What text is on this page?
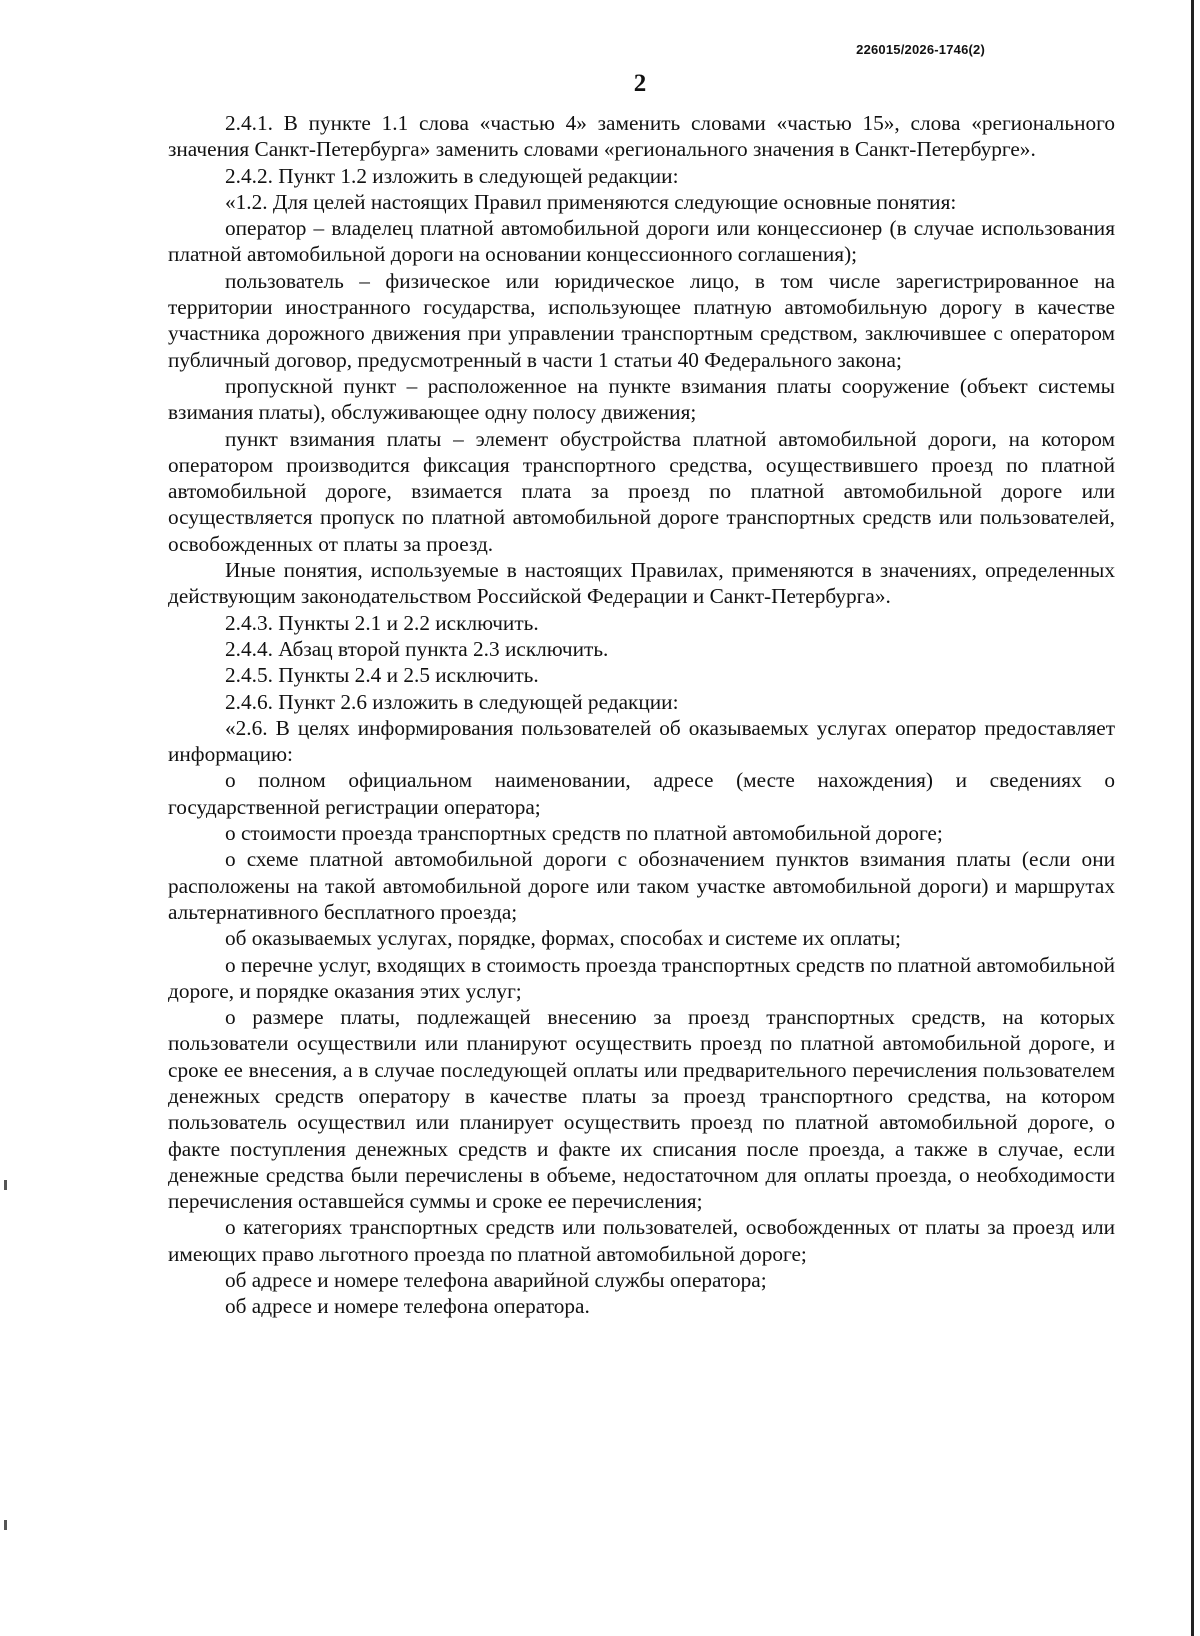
226015/2026-1746(2)
2

2.4.1. В пункте 1.1 слова «частью 4» заменить словами «частью 15», слова «регионального значения Санкт-Петербурга» заменить словами «регионального значения в Санкт-Петербурге».

2.4.2. Пункт 1.2 изложить в следующей редакции:

«1.2. Для целей настоящих Правил применяются следующие основные понятия:

оператор – владелец платной автомобильной дороги или концессионер (в случае использования платной автомобильной дороги на основании концессионного соглашения);

пользователь – физическое или юридическое лицо, в том числе зарегистрированное на территории иностранного государства, использующее платную автомобильную дорогу в качестве участника дорожного движения при управлении транспортным средством, заключившее с оператором публичный договор, предусмотренный в части 1 статьи 40 Федерального закона;

пропускной пункт – расположенное на пункте взимания платы сооружение (объект системы взимания платы), обслуживающее одну полосу движения;

пункт взимания платы – элемент обустройства платной автомобильной дороги, на котором оператором производится фиксация транспортного средства, осуществившего проезд по платной автомобильной дороге, взимается плата за проезд по платной автомобильной дороге или осуществляется пропуск по платной автомобильной дороге транспортных средств или пользователей, освобожденных от платы за проезд.

Иные понятия, используемые в настоящих Правилах, применяются в значениях, определенных действующим законодательством Российской Федерации и Санкт-Петербурга».

2.4.3. Пункты 2.1 и 2.2 исключить.

2.4.4. Абзац второй пункта 2.3 исключить.

2.4.5. Пункты 2.4 и 2.5 исключить.

2.4.6. Пункт 2.6 изложить в следующей редакции:

«2.6. В целях информирования пользователей об оказываемых услугах оператор предоставляет информацию:

о полном официальном наименовании, адресе (месте нахождения) и сведениях о государственной регистрации оператора;

о стоимости проезда транспортных средств по платной автомобильной дороге;

о схеме платной автомобильной дороги с обозначением пунктов взимания платы (если они расположены на такой автомобильной дороге или таком участке автомобильной дороги) и маршрутах альтернативного бесплатного проезда;

об оказываемых услугах, порядке, формах, способах и системе их оплаты;

о перечне услуг, входящих в стоимость проезда транспортных средств по платной автомобильной дороге, и порядке оказания этих услуг;

о размере платы, подлежащей внесению за проезд транспортных средств, на которых пользователи осуществили или планируют осуществить проезд по платной автомобильной дороге, и сроке ее внесения, а в случае последующей оплаты или предварительного перечисления пользователем денежных средств оператору в качестве платы за проезд транспортного средства, на котором пользователь осуществил или планирует осуществить проезд по платной автомобильной дороге, о факте поступления денежных средств и факте их списания после проезда, а также в случае, если денежные средства были перечислены в объеме, недостаточном для оплаты проезда, о необходимости перечисления оставшейся суммы и сроке ее перечисления;

о категориях транспортных средств или пользователей, освобожденных от платы за проезд или имеющих право льготного проезда по платной автомобильной дороге;

об адресе и номере телефона аварийной службы оператора;

об адресе и номере телефона оператора.
